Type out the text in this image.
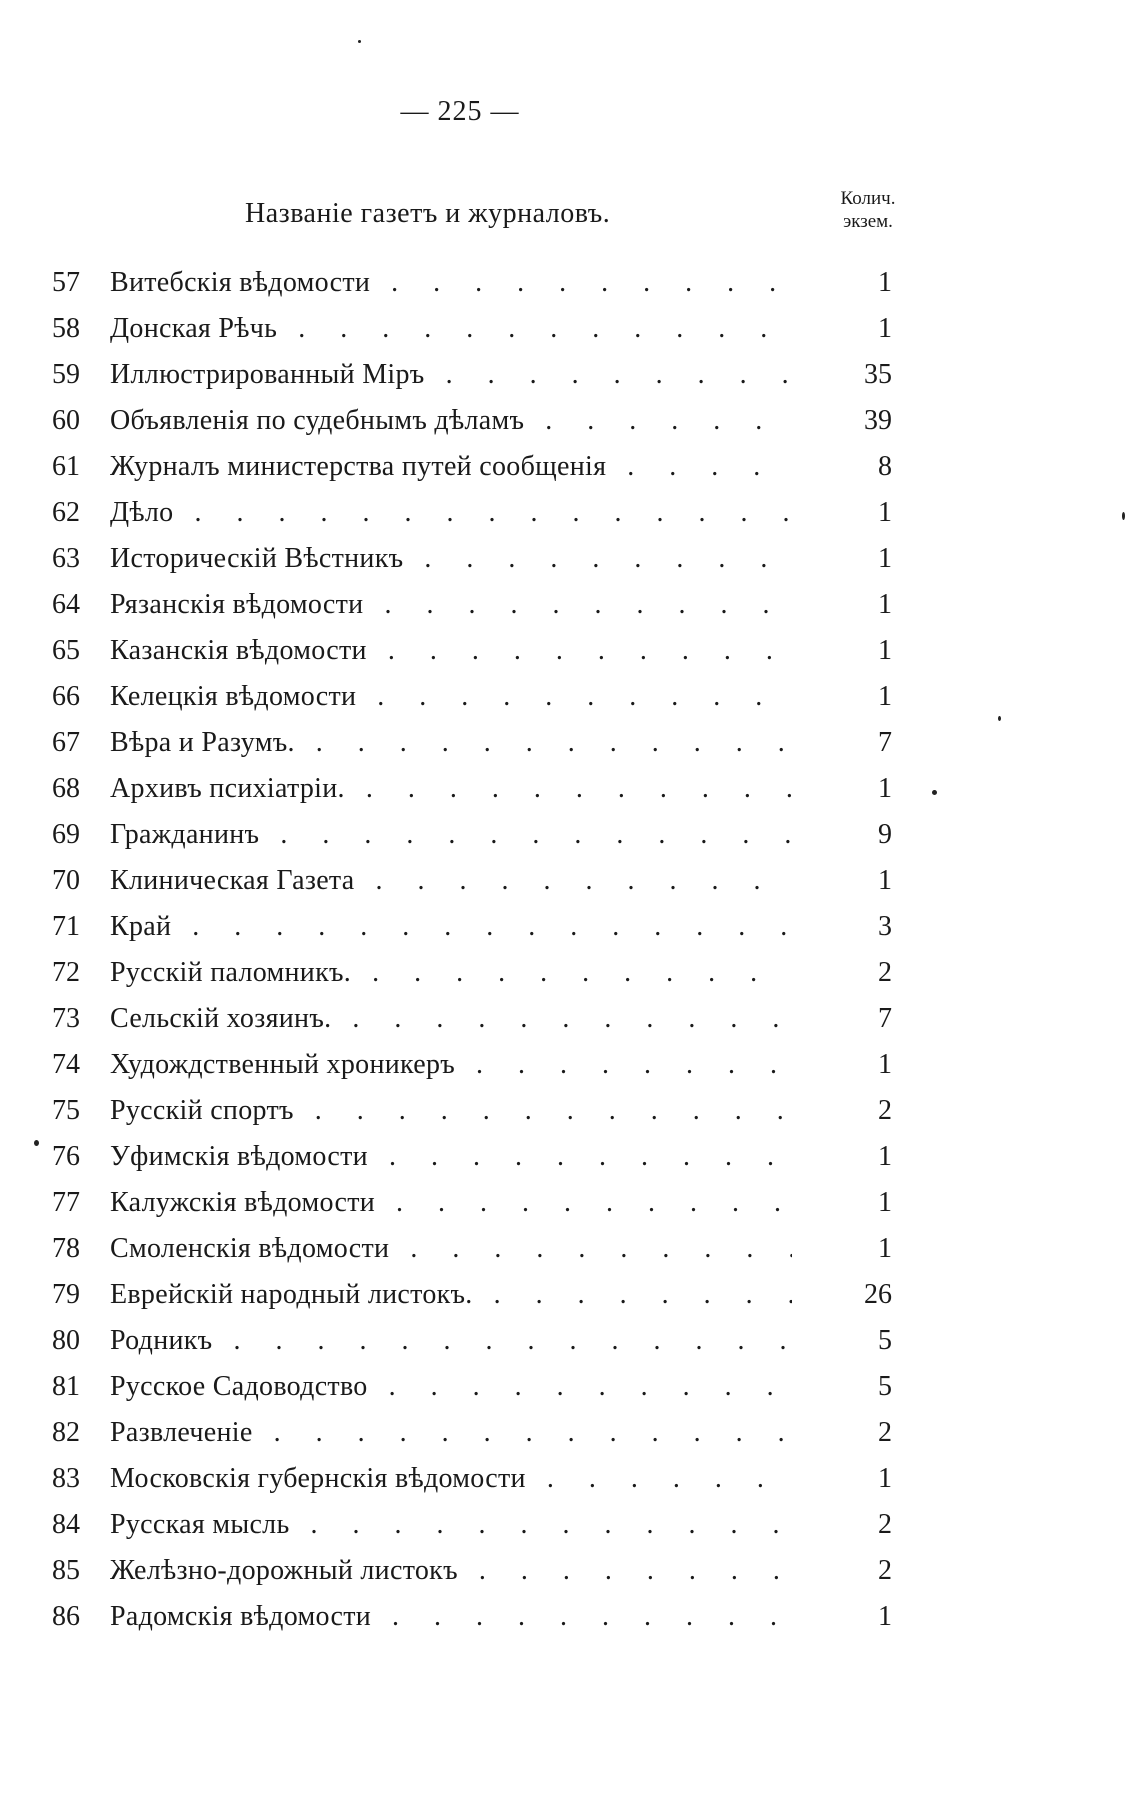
— 225 —
Названіе газетъ и журналовъ.	Колич.
экзем.
57	Витебскія вѣдомости . . .	1
58	Донская Рѣчь . . .	1
59	Иллюстрированный Міръ . . .	35
60	Объявленія по судебнымъ дѣламъ . . .	39
61	Журналъ министерства путей сообщенія . . .	8
62	Дѣло . . .	1
63	Историческій Вѣстникъ . . .	1
64	Рязанскія вѣдомости . . .	1
65	Казанскія вѣдомости . . .	1
66	Келецкія вѣдомости . . .	1
67	Вѣра и Разумъ. . . .	7
68	Архивъ психіатріи. . . .	1
69	Гражданинъ . . .	9
70	Клиническая Газета . . .	1
71	Край . . .	3
72	Русскій паломникъ. . . .	2
73	Сельскій хозяинъ. . . .	7
74	Худождственный хроникеръ . . .	1
75	Русскій спортъ . . .	2
76	Уфимскія вѣдомости . . .	1
77	Калужскія вѣдомости . . .	1
78	Смоленскія вѣдомости . . .	1
79	Еврейскій народный листокъ. . . .	26
80	Родникъ . . .	5
81	Русское Садоводство . . .	5
82	Развлеченіе . . .	2
83	Московскія губернскія вѣдомости . . .	1
84	Русская мысль . . .	2
85	Желѣзно-дорожный листокъ . . .	2
86	Радомскія вѣдомости . . .	1
